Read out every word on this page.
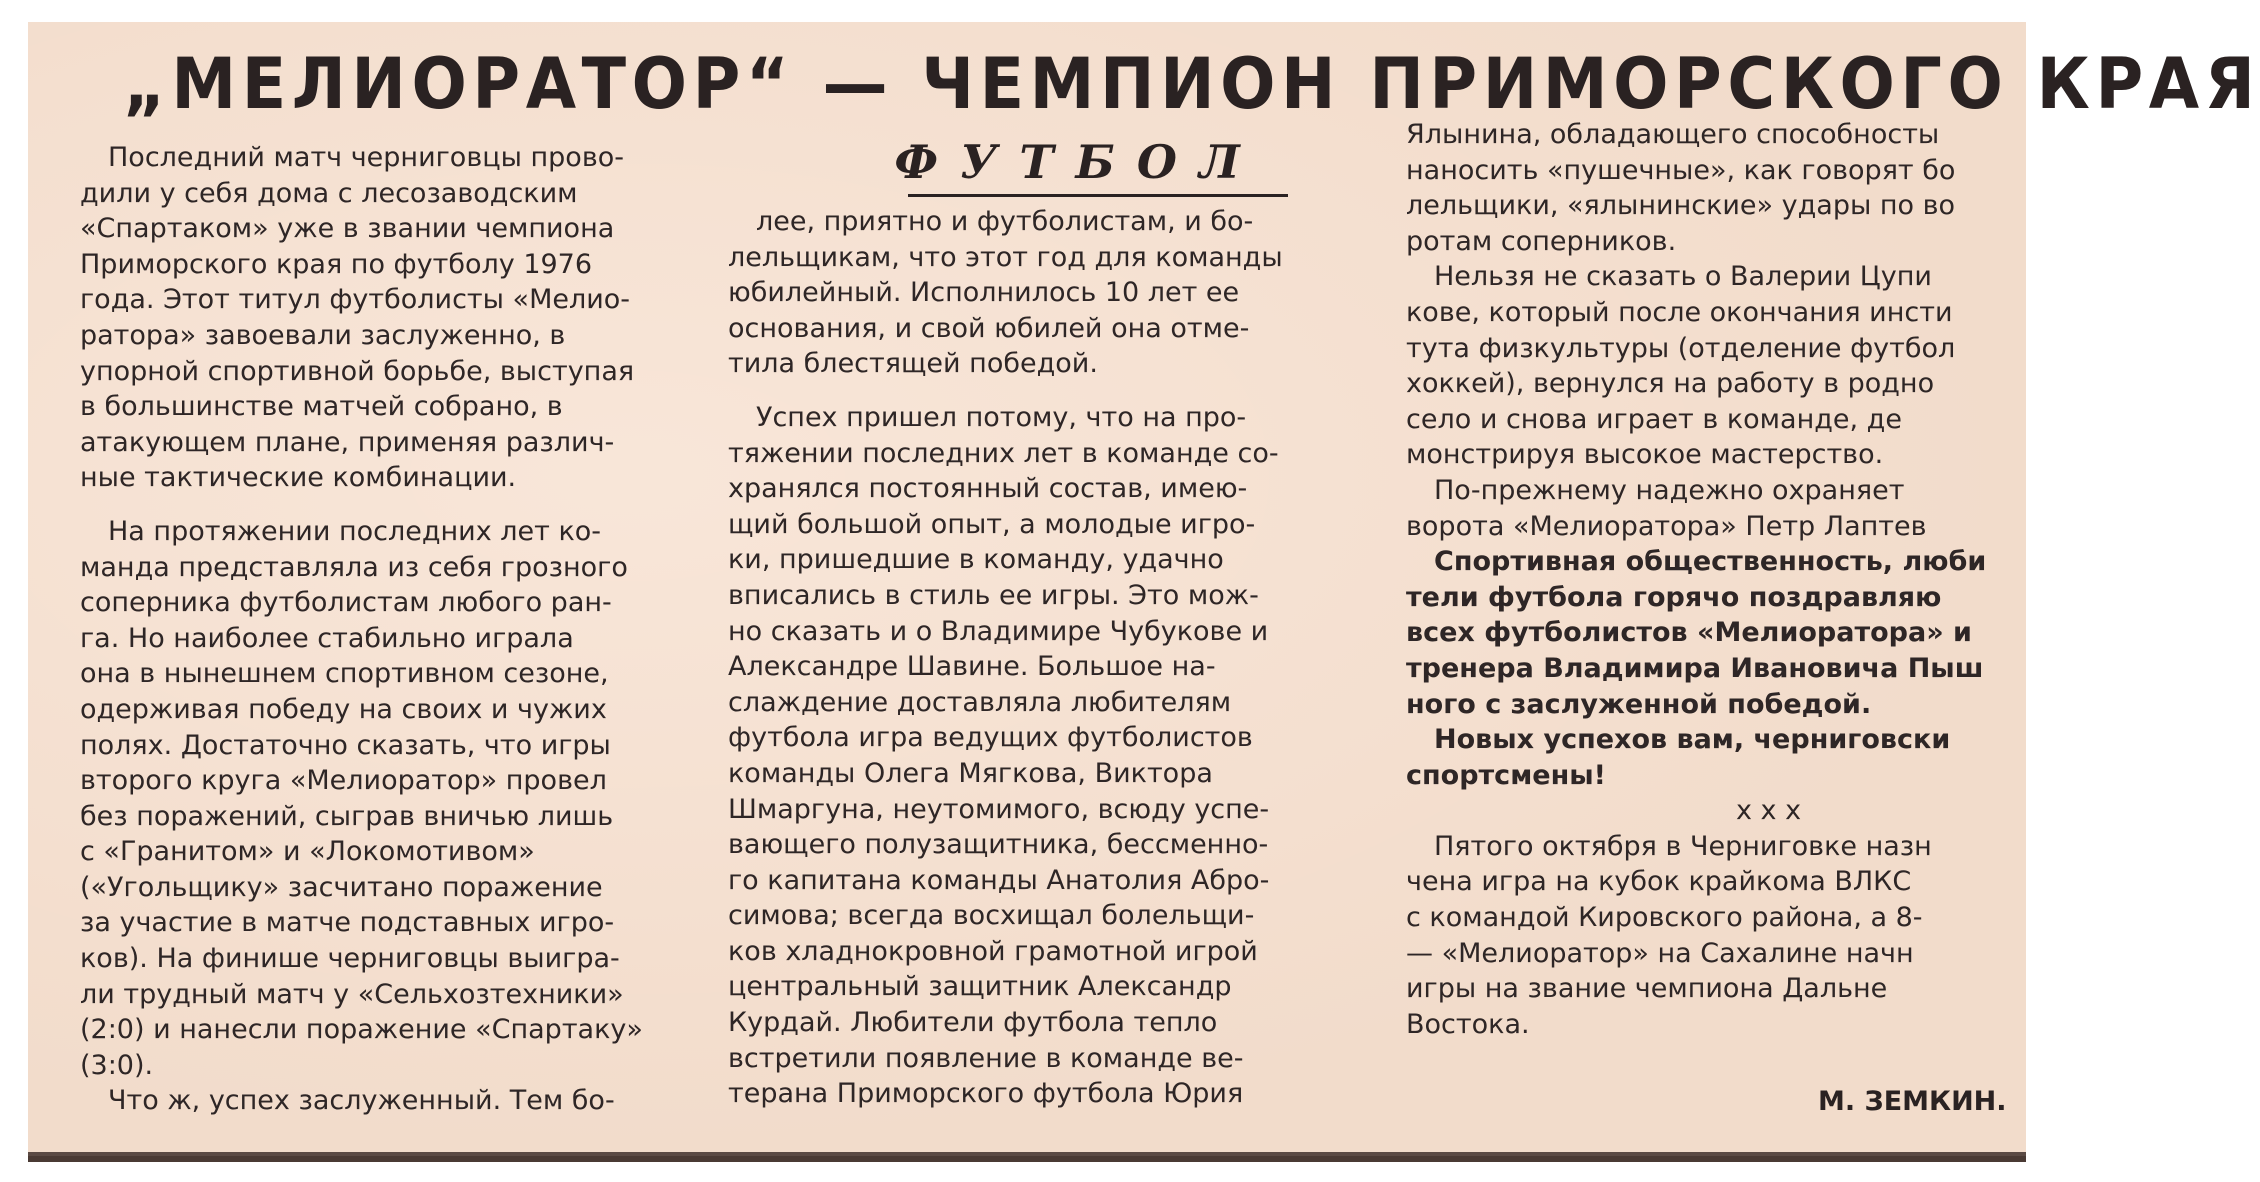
„МЕЛИОРАТОР“ — ЧЕМПИОН ПРИМОРСКОГО КРАЯ
ФУТБОЛ

Последний матч черниговцы прово-

дили у себя дома с лесозаводским

«Спартаком» уже в звании чемпиона

Приморского края по футболу 1976

года. Этот титул футболисты «Мелио-

ратора» завоевали заслуженно, в

упорной спортивной борьбе, выступая

в большинстве матчей собрано, в

атакующем плане, применяя различ-

ные тактические комбинации.

На протяжении последних лет ко-

манда представляла из себя грозного

соперника футболистам любого ран-

га. Но наиболее стабильно играла

она в нынешнем спортивном сезоне,

одерживая победу на своих и чужих

полях. Достаточно сказать, что игры

второго круга «Мелиоратор» провел

без поражений, сыграв вничью лишь

с «Гранитом» и «Локомотивом»

(«Угольщику» засчитано поражение

за участие в матче подставных игро-

ков). На финише черниговцы выигра-

ли трудный матч у «Сельхозтехники»

(2:0) и нанесли поражение «Спартаку»

(3:0).

Что ж, успех заслуженный. Тем бо-

лее, приятно и футболистам, и бо-

лельщикам, что этот год для команды

юбилейный. Исполнилось 10 лет ее

основания, и свой юбилей она отме-

тила блестящей победой.

Успех пришел потому, что на про-

тяжении последних лет в команде со-

хранялся постоянный состав, имею-

щий большой опыт, а молодые игро-

ки, пришедшие в команду, удачно

вписались в стиль ее игры. Это мож-

но сказать и о Владимире Чубукове и

Александре Шавине. Большое на-

слаждение доставляла любителям

футбола игра ведущих футболистов

команды Олега Мягкова, Виктора

Шмаргуна, неутомимого, всюду успе-

вающего полузащитника, бессменно-

го капитана команды Анатолия Абро-

симова; всегда восхищал болельщи-

ков хладнокровной грамотной игрой

центральный защитник Александр

Курдай. Любители футбола тепло

встретили появление в команде ве-

терана Приморского футбола Юрия

Ялынина, обладающего способносты

наносить «пушечные», как говорят бо

лельщики, «ялынинские» удары по во

ротам соперников.

Нельзя не сказать о Валерии Цупи

кове, который после окончания инсти

тута физкультуры (отделение футбол

хоккей), вернулся на работу в родно

село и снова играет в команде, де

монстрируя высокое мастерство.

По-прежнему надежно охраняет

ворота «Мелиоратора» Петр Лаптев

Спортивная общественность, люби

тели футбола горячо поздравляю

всех футболистов «Мелиоратора» и

тренера Владимира Ивановича Пыш

ного с заслуженной победой.

Новых успехов вам, черниговски

спортсмены!

x x x

Пятого октября в Черниговке назн

чена игра на кубок крайкома ВЛКС

с командой Кировского района, а 8-

— «Мелиоратор» на Сахалине начн

игры на звание чемпиона Дальне

Востока.

М. ЗЕМКИН.
